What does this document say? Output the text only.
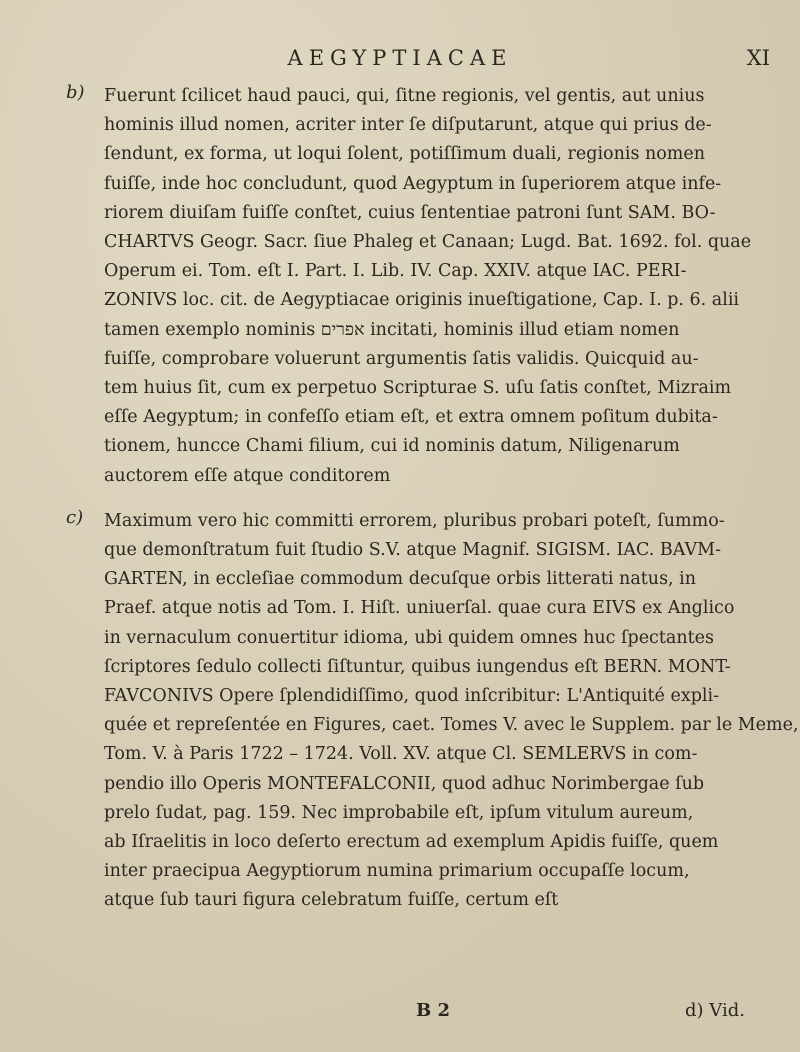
AEGYPTIACAE	XI
b) Fuerunt ſcilicet haud pauci, qui, ſitne regionis, vel gentis, aut unius
hominis illud nomen, acriter inter ſe diſputarunt, atque qui prius de-
ſendunt, ex forma, ut loqui ſolent, potiſſimum duali, regionis nomen
fuiſſe, inde hoc concludunt, quod Aegyptum in ſuperiorem atque infe-
riorem diuiſam fuiſſe conſtet, cuius ſententiae patroni ſunt SAM. BO-
CHARTVS Geogr. Sacr. ſiue Phaleg et Canaan; Lugd. Bat. 1692. fol. quae
Operum ei. Tom. eſt I. Part. I. Lib. IV. Cap. XXIV. atque IAC. PERI-
ZONIVS loc. cit. de Aegyptiacae originis inueſtigatione, Cap. I. p. 6. alii
tamen exemplo nominis אפרים incitati, hominis illud etiam nomen
fuiſſe, comprobare voluerunt argumentis ſatis validis. Quicquid au-
tem huius ſit, cum ex perpetuo Scripturae S. uſu ſatis conſtet, Mizraim
eſſe Aegyptum; in confeſſo etiam eſt, et extra omnem poſitum dubita-
tionem, huncce Chami filium, cui id nominis datum, Niligenarum
auctorem eſſe atque conditorem
c) Maximum vero hic committi errorem, pluribus probari poteſt, ſummo-
que demonſtratum fuit ſtudio S.V. atque Magnif. SIGISM. IAC. BAVM-
GARTEN, in eccleſiae commodum decuſque orbis litterati natus, in
Praef. atque notis ad Tom. I. Hiſt. uniuerſal. quae cura EIVS ex Anglico
in vernaculum conuertitur idioma, ubi quidem omnes huc ſpectantes
ſcriptores ſedulo collecti ſiſtuntur, quibus iungendus eſt BERN. MONT-
FAVCONIVS Opere ſplendidiſſimo, quod inſcribitur: L'Antiquité expli-
quée et repreſentée en Figures, caet. Tomes V. avec le Supplem. par le Meme,
Tom. V. à Paris 1722 – 1724. Voll. XV. atque Cl. SEMLERVS in com-
pendio illo Operis MONTEFALCONII, quod adhuc Norimbergae ſub
prelo ſudat, pag. 159. Nec improbabile eſt, ipſum vitulum aureum,
ab Iſraelitis in loco deſerto erectum ad exemplum Apidis fuiſſe, quem
inter praecipua Aegyptiorum numina primarium occupaſſe locum,
atque ſub tauri figura celebratum fuiſſe, certum eſt
B 2	d) Vid.
